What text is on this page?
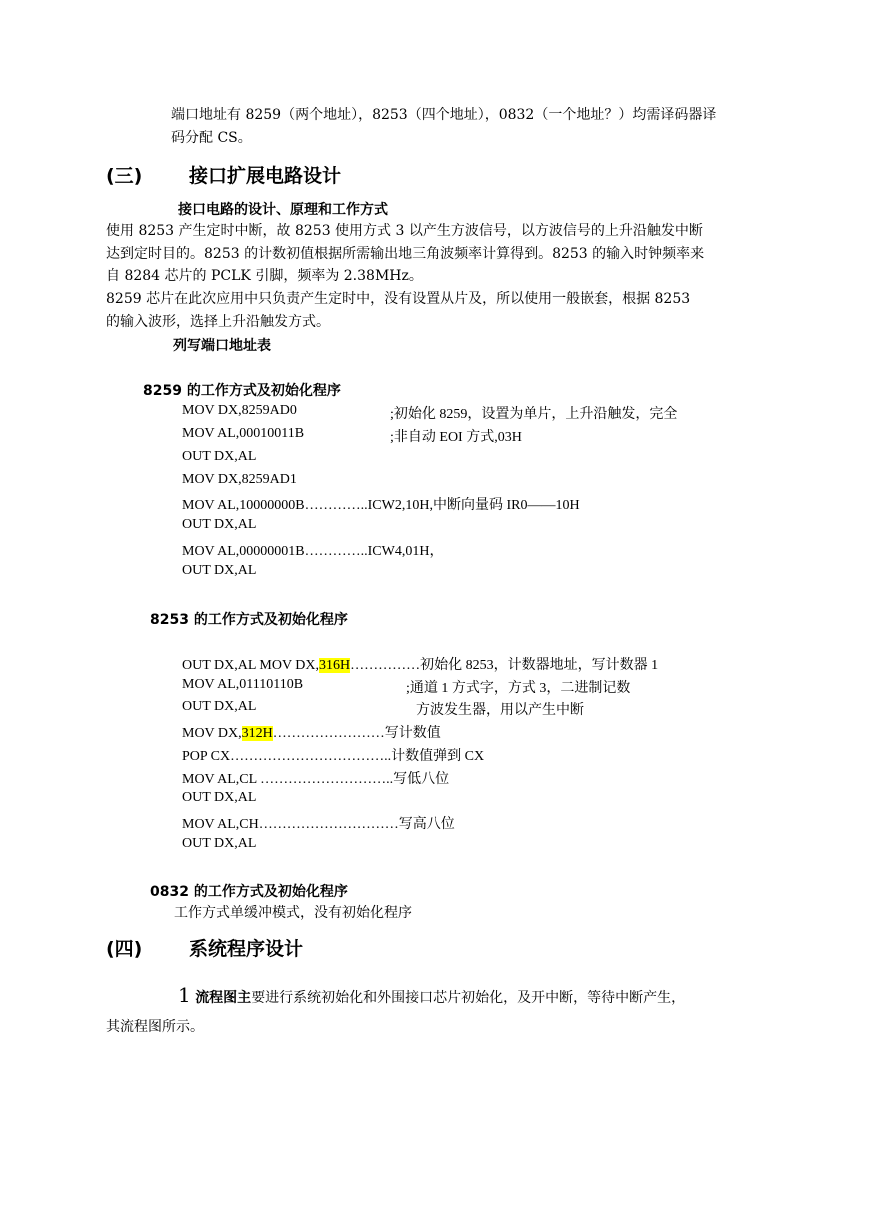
端口地址有 8259（两个地址），8253（四个地址），0832（一个地址？）均需译码器译
码分配 CS。
(三) 接口扩展电路设计
接口电路的设计、原理和工作方式
使用 8253 产生定时中断，故 8253 使用方式 3 以产生方波信号，以方波信号的上升沿触发中断
达到定时目的。8253 的计数初值根据所需输出地三角波频率计算得到。8253 的输入时钟频率来
自 8284 芯片的 PCLK 引脚，频率为 2.38MHz。
8259 芯片在此次应用中只负责产生定时中，没有设置从片及，所以使用一般嵌套，根据 8253
的输入波形，选择上升沿触发方式。
列写端口地址表
8259 的工作方式及初始化程序
MOV DX,8259AD0	;初始化 8259，设置为单片，上升沿触发，完全
MOV AL,00010011B	;非自动 EOI 方式,03H
OUT DX,AL
MOV DX,8259AD1
MOV AL,10000000B…………..ICW2,10H,中断向量码 IR0——10H
OUT DX,AL
MOV AL,00000001B…………..ICW4,01H，
OUT DX,AL
8253 的工作方式及初始化程序
OUT DX,AL MOV DX,316H……………初始化 8253，计数器地址，写计数器 1
MOV AL,01110110B	;通道 1 方式字，方式 3，二进制记数
OUT DX,AL	方波发生器，用以产生中断
MOV DX,312H……………………写计数值
POP CX……………………………..计数值弹到 CX
MOV AL,CL ………………………..写低八位
OUT DX,AL
MOV AL,CH…………………………写高八位
OUT DX,AL
0832 的工作方式及初始化程序
工作方式单缓冲模式，没有初始化程序
(四) 系统程序设计
1 流程图主要进行系统初始化和外围接口芯片初始化，及开中断，等待中断产生，
其流程图所示。
